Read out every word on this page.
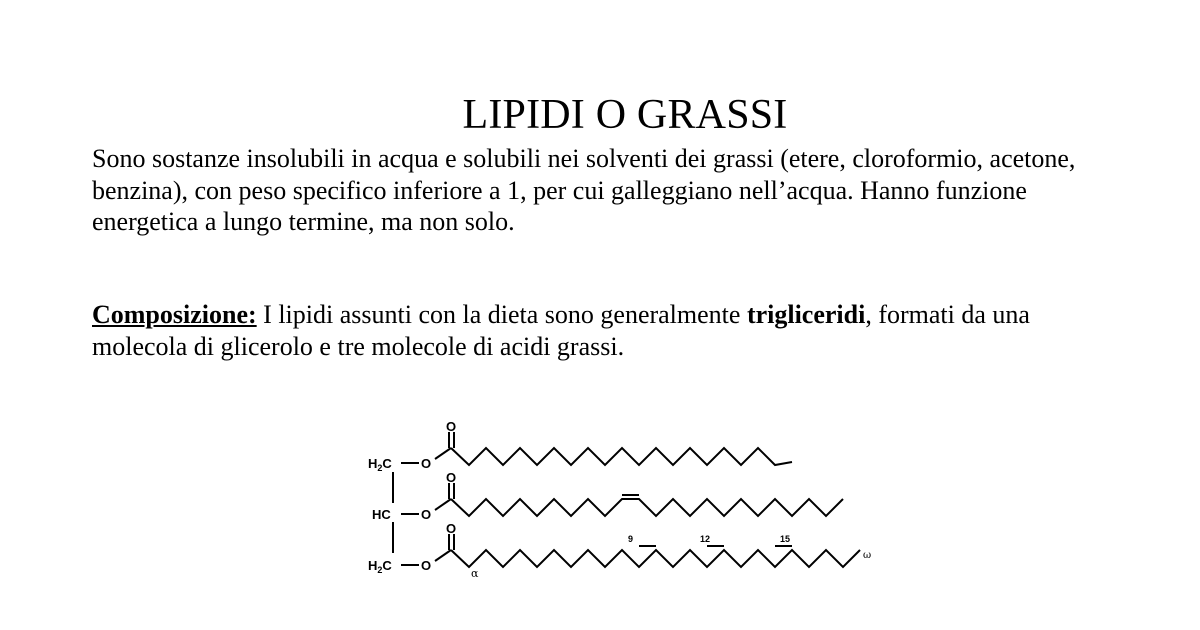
LIPIDI O GRASSI

Sono sostanze insolubili in acqua e solubili nei solventi dei grassi (etere, cloroformio, acetone, benzina), con peso specifico inferiore a 1, per cui galleggiano nell’acqua. Hanno funzione energetica a lungo termine, ma non solo.

Composizione: I lipidi assunti con la dieta sono generalmente trigliceridi, formati da una molecola di glicerolo e tre molecole di acidi grassi.

O
O
O
O
O
O
$H_2C$
HC
$H_2C$
9	12	15
α
ω
